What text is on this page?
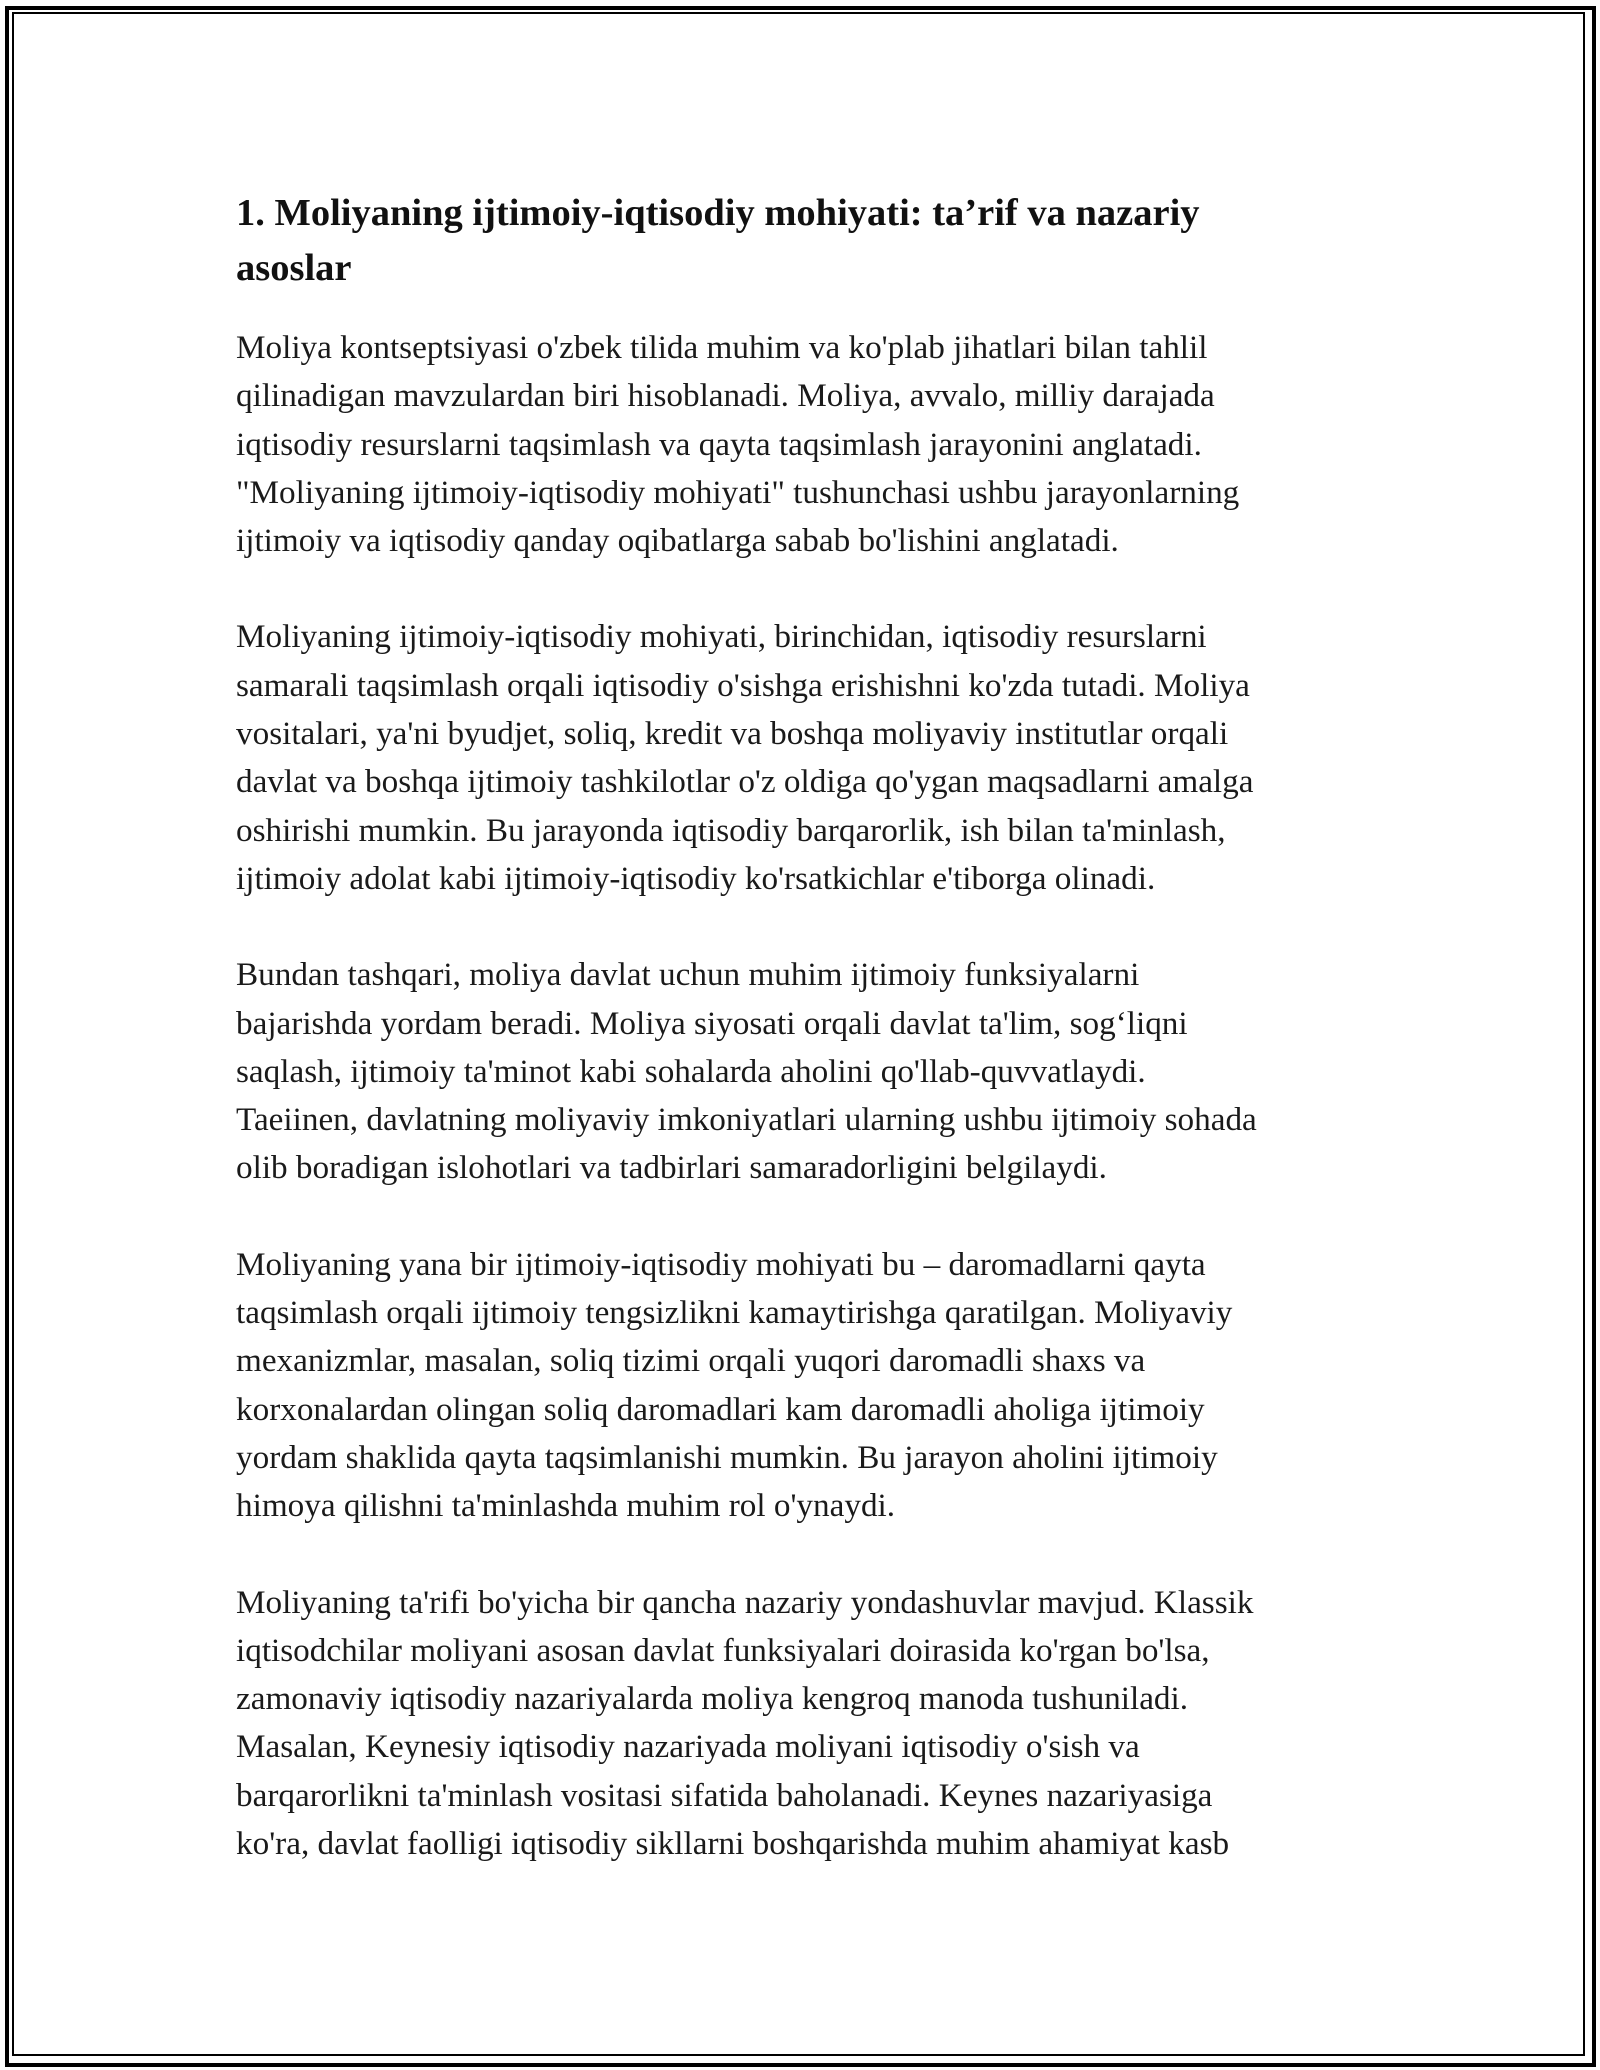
1. Moliyaning ijtimoiy-iqtisodiy mohiyati: ta’rif va nazariy
asoslar

Moliya kontseptsiyasi o'zbek tilida muhim va ko'plab jihatlari bilan tahlil
qilinadigan mavzulardan biri hisoblanadi. Moliya, avvalo, milliy darajada
iqtisodiy resurslarni taqsimlash va qayta taqsimlash jarayonini anglatadi.
"Moliyaning ijtimoiy-iqtisodiy mohiyati" tushunchasi ushbu jarayonlarning
ijtimoiy va iqtisodiy qanday oqibatlarga sabab bo'lishini anglatadi.

Moliyaning ijtimoiy-iqtisodiy mohiyati, birinchidan, iqtisodiy resurslarni
samarali taqsimlash orqali iqtisodiy o'sishga erishishni ko'zda tutadi. Moliya
vositalari, ya'ni byudjet, soliq, kredit va boshqa moliyaviy institutlar orqali
davlat va boshqa ijtimoiy tashkilotlar o'z oldiga qo'ygan maqsadlarni amalga
oshirishi mumkin. Bu jarayonda iqtisodiy barqarorlik, ish bilan ta'minlash,
ijtimoiy adolat kabi ijtimoiy-iqtisodiy ko'rsatkichlar e'tiborga olinadi.

Bundan tashqari, moliya davlat uchun muhim ijtimoiy funksiyalarni
bajarishda yordam beradi. Moliya siyosati orqali davlat ta'lim, sog‘liqni
saqlash, ijtimoiy ta'minot kabi sohalarda aholini qo'llab-quvvatlaydi.
Taeiinen, davlatning moliyaviy imkoniyatlari ularning ushbu ijtimoiy sohada
olib boradigan islohotlari va tadbirlari samaradorligini belgilaydi.

Moliyaning yana bir ijtimoiy-iqtisodiy mohiyati bu – daromadlarni qayta
taqsimlash orqali ijtimoiy tengsizlikni kamaytirishga qaratilgan. Moliyaviy
mexanizmlar, masalan, soliq tizimi orqali yuqori daromadli shaxs va
korxonalardan olingan soliq daromadlari kam daromadli aholiga ijtimoiy
yordam shaklida qayta taqsimlanishi mumkin. Bu jarayon aholini ijtimoiy
himoya qilishni ta'minlashda muhim rol o'ynaydi.

Moliyaning ta'rifi bo'yicha bir qancha nazariy yondashuvlar mavjud. Klassik
iqtisodchilar moliyani asosan davlat funksiyalari doirasida ko'rgan bo'lsa,
zamonaviy iqtisodiy nazariyalarda moliya kengroq manoda tushuniladi.
Masalan, Keynesiy iqtisodiy nazariyada moliyani iqtisodiy o'sish va
barqarorlikni ta'minlash vositasi sifatida baholanadi. Keynes nazariyasiga
ko'ra, davlat faolligi iqtisodiy sikllarni boshqarishda muhim ahamiyat kasb
